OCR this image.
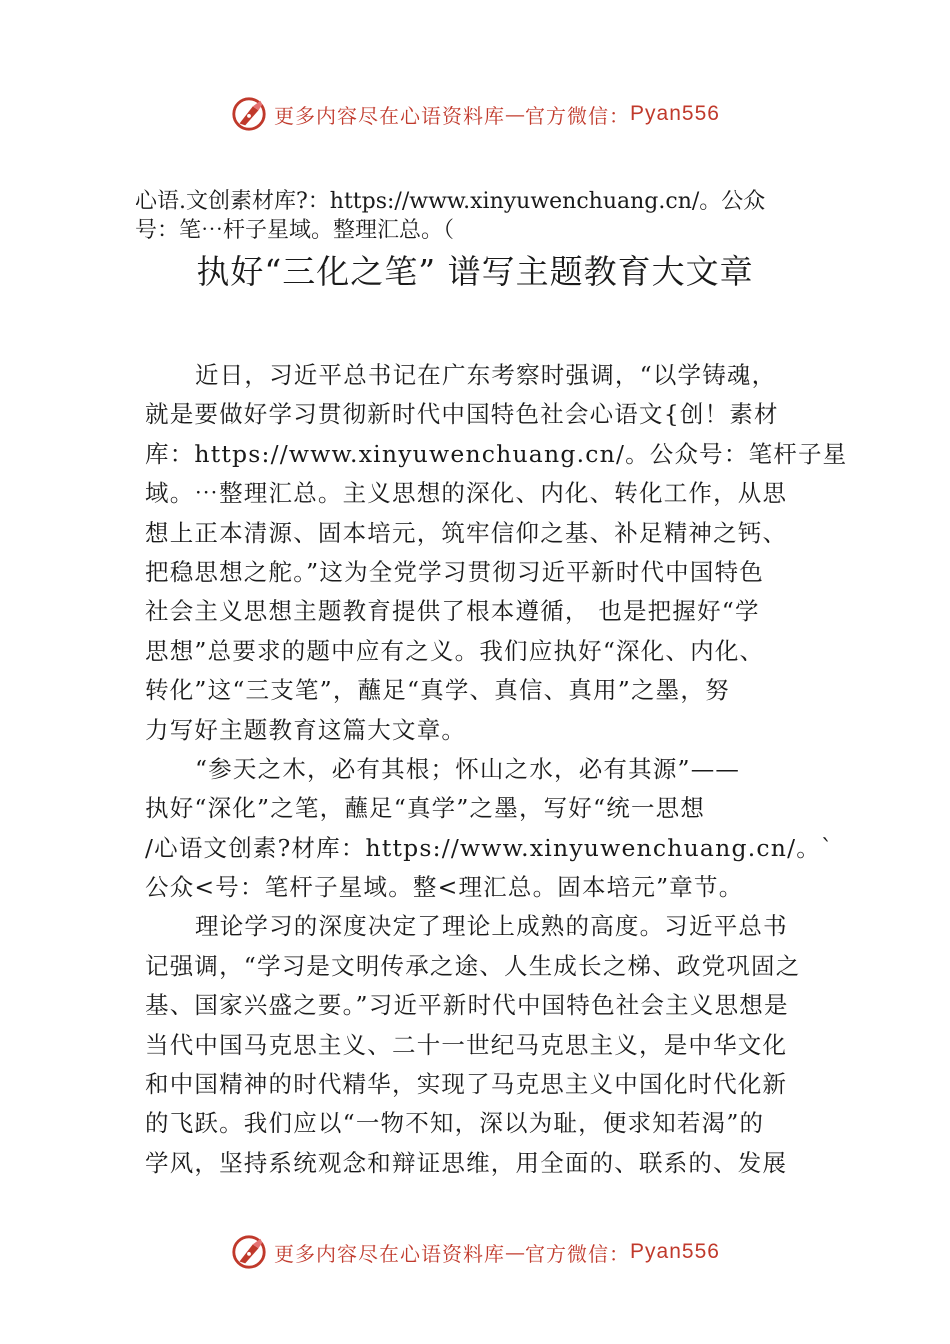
更多内容尽在心语资料库 — 官方微信： Pyan556
心语.文创素材库?：https://www.xinyuwenchuang.cn/。公众
号：笔⋯杆子星域。整理汇总。（
执好“三化之笔” 谱写主题教育大文章
近日，习近平总书记在广东考察时强调，“以学铸魂，
就是要做好学习贯彻新时代中国特色社会心语文{创！素材
库：https://www.xinyuwenchuang.cn/。公众号：笔杆子星
域。⋯整理汇总。主义思想的深化、内化、转化工作，从思
想上正本清源、固本培元，筑牢信仰之基、补足精神之钙、
把稳思想之舵。”这为全党学习贯彻习近平新时代中国特色
社会主义思想主题教育提供了根本遵循， 也是把握好“学
思想”总要求的题中应有之义。我们应执好“深化、内化、
转化”这“三支笔”，蘸足“真学、真信、真用”之墨，努
力写好主题教育这篇大文章。
“参天之木，必有其根；怀山之水，必有其源”——
执好“深化”之笔，蘸足“真学”之墨，写好“统一思想
/心语文创素?材库：https://www.xinyuwenchuang.cn/。`
公众<号：笔杆子星域。整<理汇总。固本培元”章节。
理论学习的深度决定了理论上成熟的高度。习近平总书
记强调，“学习是文明传承之途、人生成长之梯、政党巩固之
基、国家兴盛之要。”习近平新时代中国特色社会主义思想是
当代中国马克思主义、二十一世纪马克思主义，是中华文化
和中国精神的时代精华，实现了马克思主义中国化时代化新
的飞跃。我们应以“一物不知，深以为耻，便求知若渴”的
学风，坚持系统观念和辩证思维，用全面的、联系的、发展
更多内容尽在心语资料库 — 官方微信： Pyan556
